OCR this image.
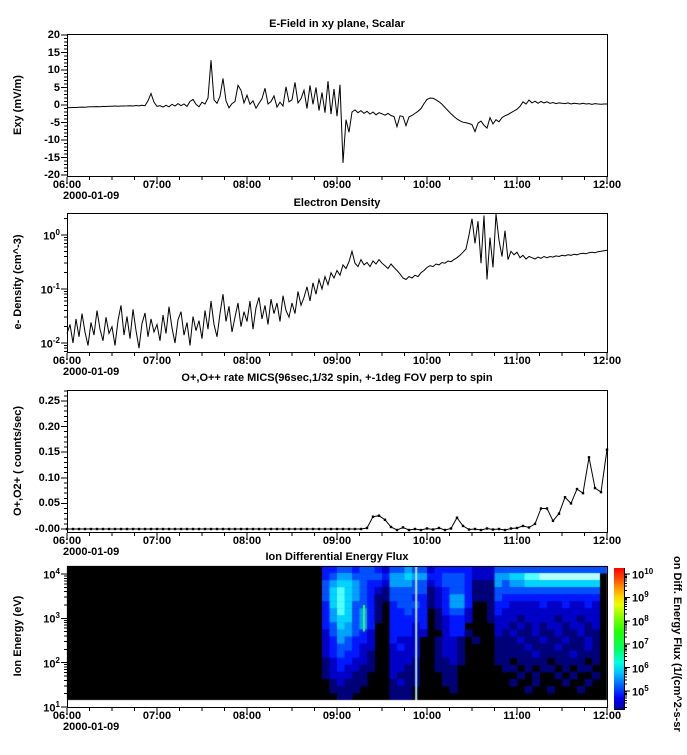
E-Field in xy plane, Scalar
Electron Density
O+,O++ rate MICS(96sec,1/32 spin, +-1deg FOV perp to spin
Ion Differential Energy Flux
Exy (mV/m)
e- Density (cm^-3)
O+,O2+ ( counts/sec)
Ion Energy (eV)	on Diff. Energy Flux (1/(cm^2-s-sr
2000-01-09
2000-01-09
2000-01-09
2000-01-09
06:00	07:00	08:00	09:00	10:00	11:00	12:00
20
15
10
5
0
-5
-10
-15
-20
06:00	07:00	08:00	09:00	10:00	11:00	12:00
$10^0$
$10^{-1}$
$10^{-2}$
06:00	07:00	08:00	09:00	10:00	11:00	12:00
0.25
0.20
0.15
0.10
0.05
-0.00
06:00	07:00	08:00	09:00	10:00	11:00	12:00
$10^4$
$10^3$
$10^2$
$10^1$
$10^{10}$
$10^9$
$10^8$
$10^7$
$10^6$
$10^5$
